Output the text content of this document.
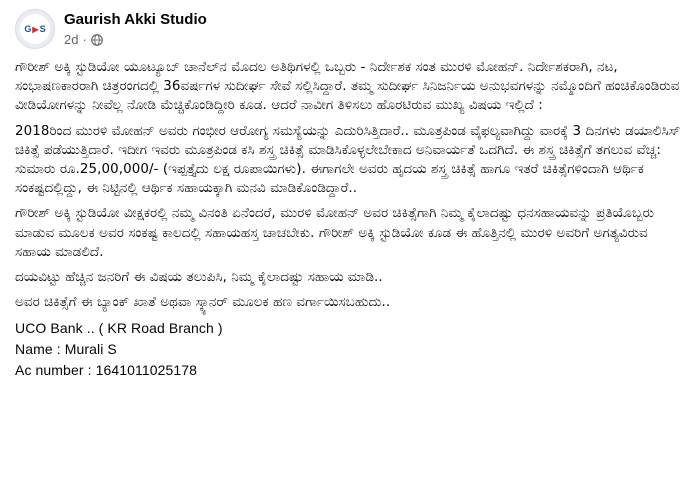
G ▶ S
Gaurish Akki Studio
2d ·

ಗೌರೀಶ್ ಅಕ್ಕಿ ಸ್ಟುಡಿಯೋ ಯೂಟ್ಯೂಬ್ ಚಾನೆಲ್‌ನ ಮೊದಲ ಅತಿಥಿಗಳಲ್ಲಿ ಒಬ್ಬರು - ನಿರ್ದೇಶಕ ಸಂತ ಮುರಳಿ ಮೋಹನ್. ನಿರ್ದೇಶಕರಾಗಿ, ನಟ, ಸಂಭಾಷಣಕಾರರಾಗಿ ಚಿತ್ರರಂಗದಲ್ಲಿ 36ವರ್ಷಗಳ ಸುದೀರ್ಘ ಸೇವೆ ಸಲ್ಲಿಸಿದ್ದಾರೆ. ತಮ್ಮ ಸುದೀರ್ಘ ಸಿನಿಜರ್ನಿಯ ಅನುಭವಗಳನ್ನು ನಮ್ಮೊಂದಿಗೆ ಹಂಚಿಕೊಂಡಿರುವ ವೀಡಿಯೋಗಳನ್ನು ನೀವೆಲ್ಲ ನೋಡಿ ಮೆಚ್ಚಿಕೊಂಡಿದ್ದೀರಿ ಕೂಡ. ಆದರೆ ನಾವೀಗ ತಿಳಿಸಲು ಹೊರಟಿರುವ ಮುಖ್ಯ ವಿಷಯ ಇಲ್ಲಿದೆ :

2018ರಿಂದ ಮುರಳಿ ಮೋಹನ್ ಅವರು ಗಂಭೀರ ಆರೋಗ್ಯ ಸಮಸ್ಯೆಯನ್ನು ಎದುರಿಸಿತ್ತಿದಾರೆ.. ಮೂತ್ರಪಿಂಡ ವೈಫಲ್ಯವಾಗಿದ್ದು ವಾರಕ್ಕೆ 3 ದಿನಗಳು ಡಯಾಲಿಸಿಸ್ ಚಿಕಿತ್ಸೆ ಪಡೆಯುತ್ತಿದಾರೆ. ಇದೀಗ ಇವರು ಮೂತ್ರಪಿಂಡ ಕಸಿ ಶಸ್ತ್ರ ಚಿಕಿತ್ಸೆ ಮಾಡಿಸಿಕೊಳ್ಳಲೇಬೇಕಾದ ಅನಿವಾರ್ಯತೆ ಒದಗಿದೆ. ಈ ಶಸ್ತ್ರ ಚಿಕಿತ್ಸೆಗೆ ತಗಲುವ ವೆಚ್ಚ: ಸುಮಾರು ರೂ.25,00,000/- (ಇಪ್ಪತ್ತೈದು ಲಕ್ಷ ರೂಪಾಯಿಗಳು). ಈಗಾಗಲೇ ಅವರು ಹೃದಯ ಶಸ್ತ್ರ ಚಿಕಿತ್ಸೆ ಹಾಗೂ ಇತರೆ ಚಿಕಿತ್ಸೆಗಳಿಂದಾಗಿ ಆರ್ಥಿಕ ಸಂಕಷ್ಟದಲ್ಲಿದ್ದು, ಈ ನಿಟ್ಟಿನಲ್ಲಿ ಆರ್ಥಿಕ ಸಹಾಯಕ್ಕಾಗಿ ಮನವಿ ಮಾಡಿಕೊಂಡಿದ್ದಾರೆ..

ಗೌರೀಶ್ ಅಕ್ಕಿ ಸ್ಟುಡಿಯೋ ವೀಕ್ಷಕರಲ್ಲಿ ನಮ್ಮ ವಿನಂತಿ ಏನೆಂದರೆ, ಮುರಳಿ ಮೋಹನ್ ಅವರ ಚಿಕಿತ್ಸೆಗಾಗಿ ನಿಮ್ಮ ಕೈಲಾದಷ್ಟು ಧನಸಹಾಯವನ್ನು ಪ್ರತಿಯೊಬ್ಬರು ಮಾಡುವ ಮೂಲಕ ಅವರ ಸಂಕಷ್ಟ ಕಾಲದಲ್ಲಿ ಸಹಾಯಹಸ್ತ ಚಾಚಬೇಕು. ಗೌರೀಶ್ ಅಕ್ಕಿ ಸ್ಟುಡಿಯೋ ಕೂಡ ಈ ಹೊತ್ತಿನಲ್ಲಿ ಮುರಳಿ ಅವರಿಗೆ ಅಗತ್ಯವಿರುವ ಸಹಾಯ ಮಾಡಲಿದೆ.

ದಯವಿಟ್ಟು ಹೆಚ್ಚಿನ ಜನರಿಗೆ ಈ ವಿಷಯ ತಲುಪಿಸಿ, ನಿಮ್ಮ ಕೈಲಾದಷ್ಟು ಸಹಾಯ ಮಾಡಿ..

ಅವರ ಚಿಕಿತ್ಸೆಗೆ ಈ ಬ್ಯಾಂಕ್ ಖಾತೆ ಅಥವಾ ಸ್ಕ್ಯಾನರ್ ಮೂಲಕ ಹಣ ವರ್ಗಾಯಿಸಬಹುದು..

UCO Bank .. ( KR Road Branch )

Name : Murali S

Ac number : 1641011025178
